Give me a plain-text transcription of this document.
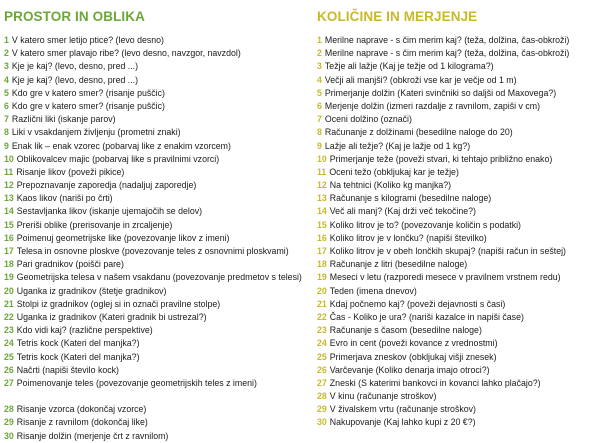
PROSTOR IN OBLIKA
1 V katero smer letijo ptice? (levo desno)
2 V katero smer plavajo ribe? (levo desno, navzgor, navzdol)
3 Kje je kaj? (levo, desno, pred ...)
4 Kje je kaj? (levo, desno, pred ...)
5 Kdo gre v katero smer? (risanje puščic)
6 Kdo gre v katero smer? (risanje puščic)
7 Različni liki (iskanje parov)
8 Liki v vsakdanjem življenju (prometni znaki)
9 Enak lik – enak vzorec (pobarvaj like z enakim vzorcem)
10 Oblikovalcev majic (pobarvaj like s pravilnimi vzorci)
11 Risanje likov (poveži pikice)
12 Prepoznavanje zaporedja (nadaljuj zaporedje)
13 Kaos likov (nariši po črti)
14 Sestavljanka likov (iskanje ujemajočih se delov)
15 Preriši oblike (prerisovanje in zrcaljenje)
16 Poimenuj geometrijske like (povezovanje likov z imeni)
17 Telesa in osnovne ploskve (povezovanje teles z osnovnimi ploskvami)
18 Pari gradnikov (poišči pare)
19 Geometrijska telesa v našem vsakdanu (povezovanje predmetov s telesi)
20 Uganka iz gradnikov (štetje gradnikov)
21 Stolpi iz gradnikov (oglej si in označi pravilne stolpe)
22 Uganka iz gradnikov (Kateri gradnik bi ustrezal?)
23 Kdo vidi kaj? (različne perspektive)
24 Tetris kock (Kateri del manjka?)
25 Tetris kock (Kateri del manjka?)
26 Načrti (napiši število kock)
27 Poimenovanje teles (povezovanje geometrijskih teles z imeni)
28 Risanje vzorca (dokončaj vzorce)
29 Risanje z ravnilom (dokončaj like)
30 Risanje dolžin (merjenje črt z ravnilom)
KOLIČINE IN MERJENJE
1 Merilne naprave - s čim merim kaj? (teža, dolžina, čas-obkroži)
2 Merilne naprave - s čim merim kaj? (teža, dolžina, čas-obkroži)
3 Težje ali lažje (Kaj je težje od 1 kilograma?)
4 Večji ali manjši? (obkroži vse kar je večje od 1 m)
5 Primerjanje dolžin (Kateri svinčniki so daljši od Maxovega?)
6 Merjenje dolžin (izmeri razdalje z ravnilom, zapiši v cm)
7 Oceni dolžino (označi)
8 Računanje z dolžinami (besedilne naloge do 20)
9 Lažje ali težje? (Kaj je lažje od 1 kg?)
10 Primerjanje teže (poveži stvari, ki tehtajo približno enako)
11 Oceni težo (obkljukaj kar je težje)
12 Na tehtnici (Koliko kg manjka?)
13 Računanje s kilogrami (besedilne naloge)
14 Več ali manj? (Kaj drži več tekočine?)
15 Koliko litrov je to? (povezovanje količin s podatki)
16 Koliko litrov je v lončku? (napiši številko)
17 Koliko litrov je v obeh lončkih skupaj? (napiši račun in seštej)
18 Računanje z litri (besedilne naloge)
19 Meseci v letu (razporedi mesece v pravilnem vrstnem redu)
20 Teden (imena dnevov)
21 Kdaj počnemo kaj? (poveži dejavnosti s časi)
22 Čas - Koliko je ura? (nariši kazalce in napiši čase)
23 Računanje s časom (besedilne naloge)
24 Evro in cent (poveži kovance z vrednostmi)
25 Primerjava zneskov (obkljukaj višji znesek)
26 Varčevanje (Koliko denarja imajo otroci?)
27 Zneski (S katerimi bankovci in kovanci lahko plačajo?)
28 V kinu (računanje stroškov)
29 V živalskem vrtu (računanje stroškov)
30 Nakupovanje (Kaj lahko kupi z 20 €?)
